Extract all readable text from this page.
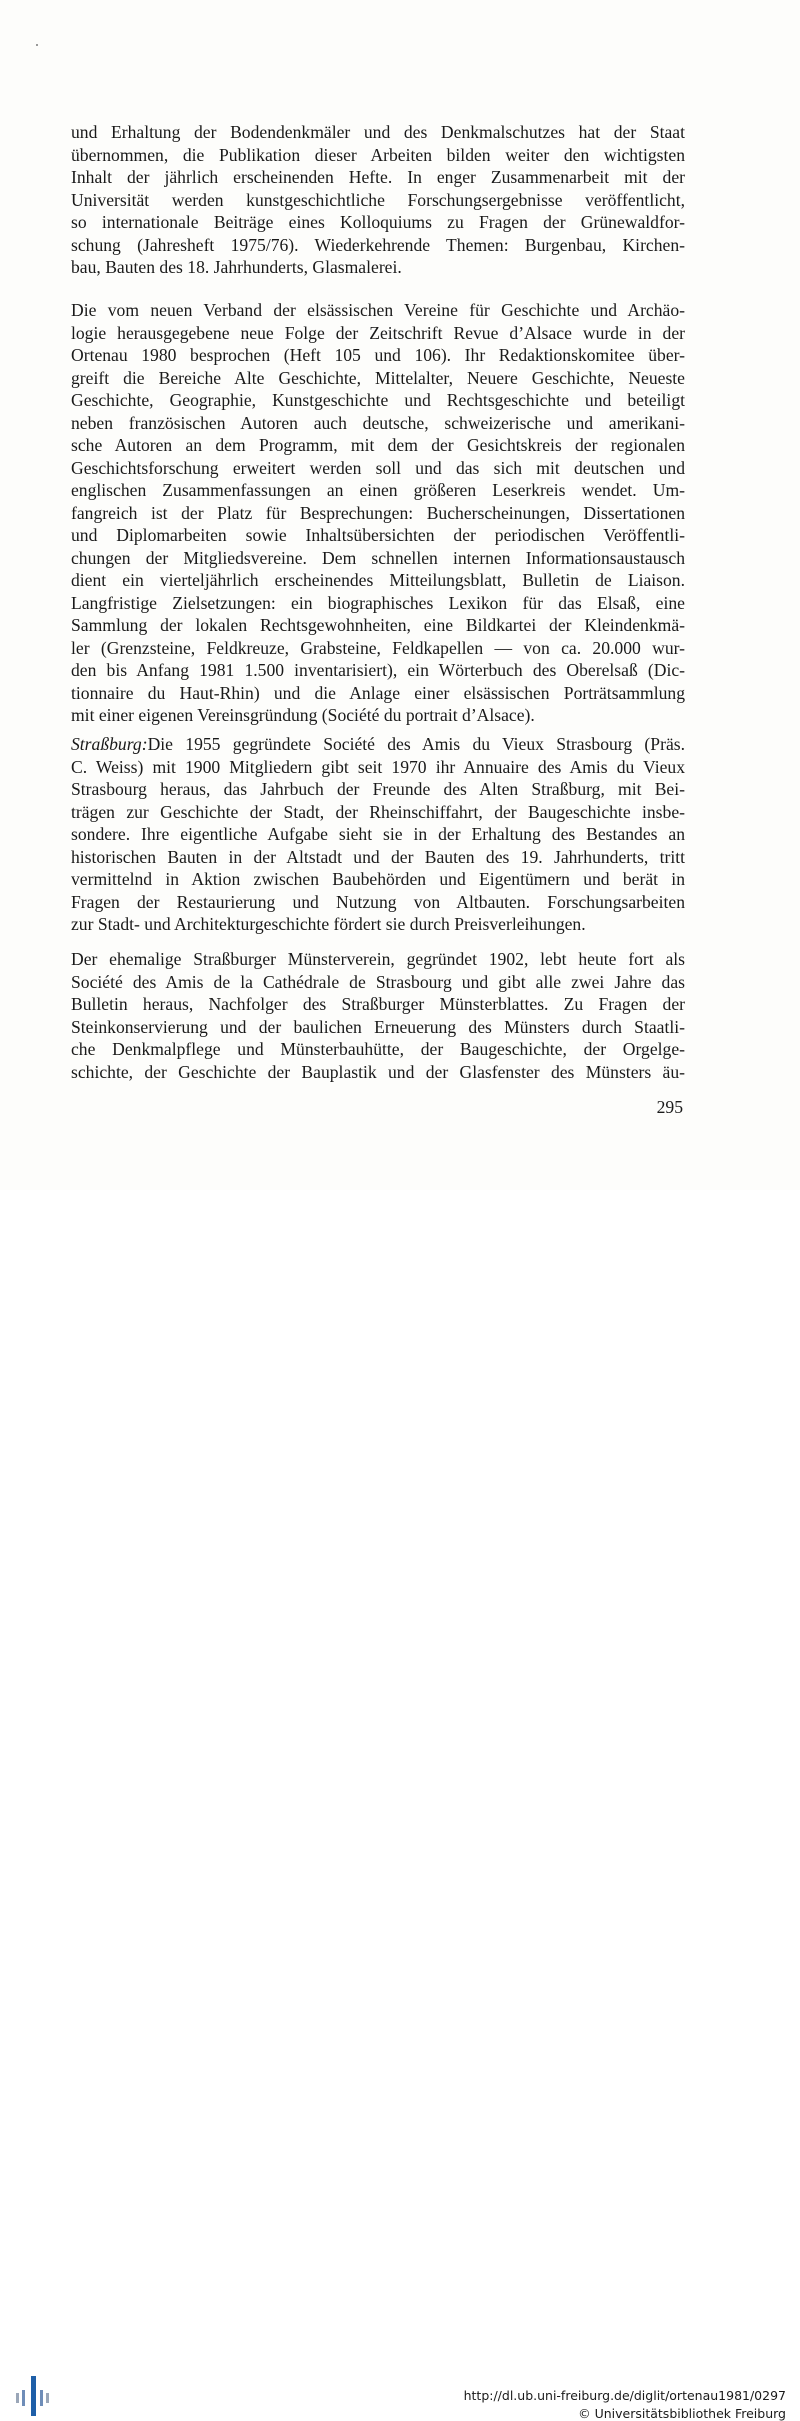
und Erhaltung der Bodendenkmäler und des Denkmalschutzes hat der Staat
übernommen, die Publikation dieser Arbeiten bilden weiter den wichtigsten
Inhalt der jährlich erscheinenden Hefte. In enger Zusammenarbeit mit der
Universität werden kunstgeschichtliche Forschungsergebnisse veröffentlicht,
so internationale Beiträge eines Kolloquiums zu Fragen der Grünewaldfor-
schung (Jahresheft 1975/76). Wiederkehrende Themen: Burgenbau, Kirchen-
bau, Bauten des 18. Jahrhunderts, Glasmalerei.
Die vom neuen Verband der elsässischen Vereine für Geschichte und Archäo-
logie herausgegebene neue Folge der Zeitschrift Revue d’Alsace wurde in der
Ortenau 1980 besprochen (Heft 105 und 106). Ihr Redaktionskomitee über-
greift die Bereiche Alte Geschichte, Mittelalter, Neuere Geschichte, Neueste
Geschichte, Geographie, Kunstgeschichte und Rechtsgeschichte und beteiligt
neben französischen Autoren auch deutsche, schweizerische und amerikani-
sche Autoren an dem Programm, mit dem der Gesichtskreis der regionalen
Geschichtsforschung erweitert werden soll und das sich mit deutschen und
englischen Zusammenfassungen an einen größeren Leserkreis wendet. Um-
fangreich ist der Platz für Besprechungen: Bucherscheinungen, Dissertationen
und Diplomarbeiten sowie Inhaltsübersichten der periodischen Veröffentli-
chungen der Mitgliedsvereine. Dem schnellen internen Informationsaustausch
dient ein vierteljährlich erscheinendes Mitteilungsblatt, Bulletin de Liaison.
Langfristige Zielsetzungen: ein biographisches Lexikon für das Elsaß, eine
Sammlung der lokalen Rechtsgewohnheiten, eine Bildkartei der Kleindenkmä-
ler (Grenzsteine, Feldkreuze, Grabsteine, Feldkapellen — von ca. 20.000 wur-
den bis Anfang 1981 1.500 inventarisiert), ein Wörterbuch des Oberelsaß (Dic-
tionnaire du Haut-Rhin) und die Anlage einer elsässischen Porträtsammlung
mit einer eigenen Vereinsgründung (Société du portrait d’Alsace).
Straßburg:Die 1955 gegründete Société des Amis du Vieux Strasbourg (Präs.
C. Weiss) mit 1900 Mitgliedern gibt seit 1970 ihr Annuaire des Amis du Vieux
Strasbourg heraus, das Jahrbuch der Freunde des Alten Straßburg, mit Bei-
trägen zur Geschichte der Stadt, der Rheinschiffahrt, der Baugeschichte insbe-
sondere. Ihre eigentliche Aufgabe sieht sie in der Erhaltung des Bestandes an
historischen Bauten in der Altstadt und der Bauten des 19. Jahrhunderts, tritt
vermittelnd in Aktion zwischen Baubehörden und Eigentümern und berät in
Fragen der Restaurierung und Nutzung von Altbauten. Forschungsarbeiten
zur Stadt- und Architekturgeschichte fördert sie durch Preisverleihungen.
Der ehemalige Straßburger Münsterverein, gegründet 1902, lebt heute fort als
Société des Amis de la Cathédrale de Strasbourg und gibt alle zwei Jahre das
Bulletin heraus, Nachfolger des Straßburger Münsterblattes. Zu Fragen der
Steinkonservierung und der baulichen Erneuerung des Münsters durch Staatli-
che Denkmalpflege und Münsterbauhütte, der Baugeschichte, der Orgelge-
schichte, der Geschichte der Bauplastik und der Glasfenster des Münsters äu-
295
http://dl.ub.uni-freiburg.de/diglit/ortenau1981/0297
© Universitätsbibliothek Freiburg
